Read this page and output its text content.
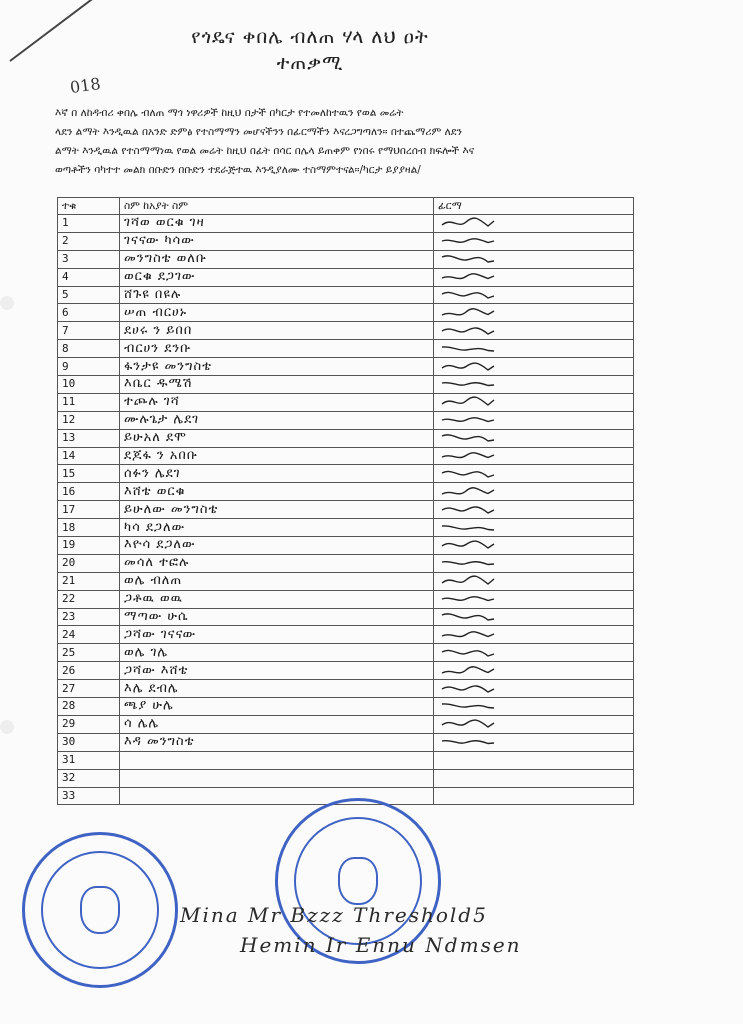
የጎዴና ቀበሌ ብለጠ ሃላ ለህ ዐት
ተጠቃሚ
018
እኛ በ ለከዳብሪ ቀበሌ ብለጠ ማጎ ነዋሪዎች ከዚህ በታች በካርታ የተመለከተዉን የወል መሬት
ላደን ልማት እንዲዉል በአንድ ድምፅ የተስማማን መሆናችንን በፊርማችን እናረጋግጣለን። በተጨማሪም ለደን
ልማት እንዲዉል የተስማማነዉ የወል መሬት ከዚህ በፊት በሳር በሌላ ይጠቀም የነበሩ የማህበረሰብ ክፍሎች እና
ወጣቶችን ባካተተ መልክ በቡድን በቡድን ተደራጅተዉ እንዲያለሙ ተስማምተናል።/ካርታ ይያያዛል/
ተቁ	ስም ከአያት ስም	ፊርማ
1	ገሻወ ወርቁ ገዛ	

2	ገናናው ካሳው	

3	መንግስቴ ወለቡ	

4	ወርቁ ደጋገው	

5	ሸጉዩ በዩሉ	

6	ሠጠ ብርሀኑ	

7	ደሀሩ ን ይበበ	

8	ብርሀን ደንቡ	

9	ፋንታዩ መንግስቴ	

10	እቤር ዱሜሽ	

11	ተጮሉ ገሻ	

12	ሙሉጌታ ሌደገ	

13	ይሁአለ ደሞ	

14	ደጆፋ ን አበቡ	

15	ሰፉን ሌደገ	

16	እሸቴ ወርቁ	

17	ይሁለው መንግስቴ	

18	ካሳ ደጋለው	

19	እዮሳ ደጋለው	

20	መሳለ ተፎሉ	

21	ወሌ ብለጠ	

22	ጋቶዉ ወዉ	

23	ማጣው ሁሴ	

24	ጋሻው ገናናው	

25	ወሌ ገሌ	

26	ጋሻው እሸቴ	

27	እሌ ደብሌ	

28	ጫያ ሁሌ	

29	ሳ ሌሌ	

30	እዳ መንግስቴ	

31		
32		
33		
Mina Mr Bzzz Threshold5
Hemin Ir Ennu Ndmsen
